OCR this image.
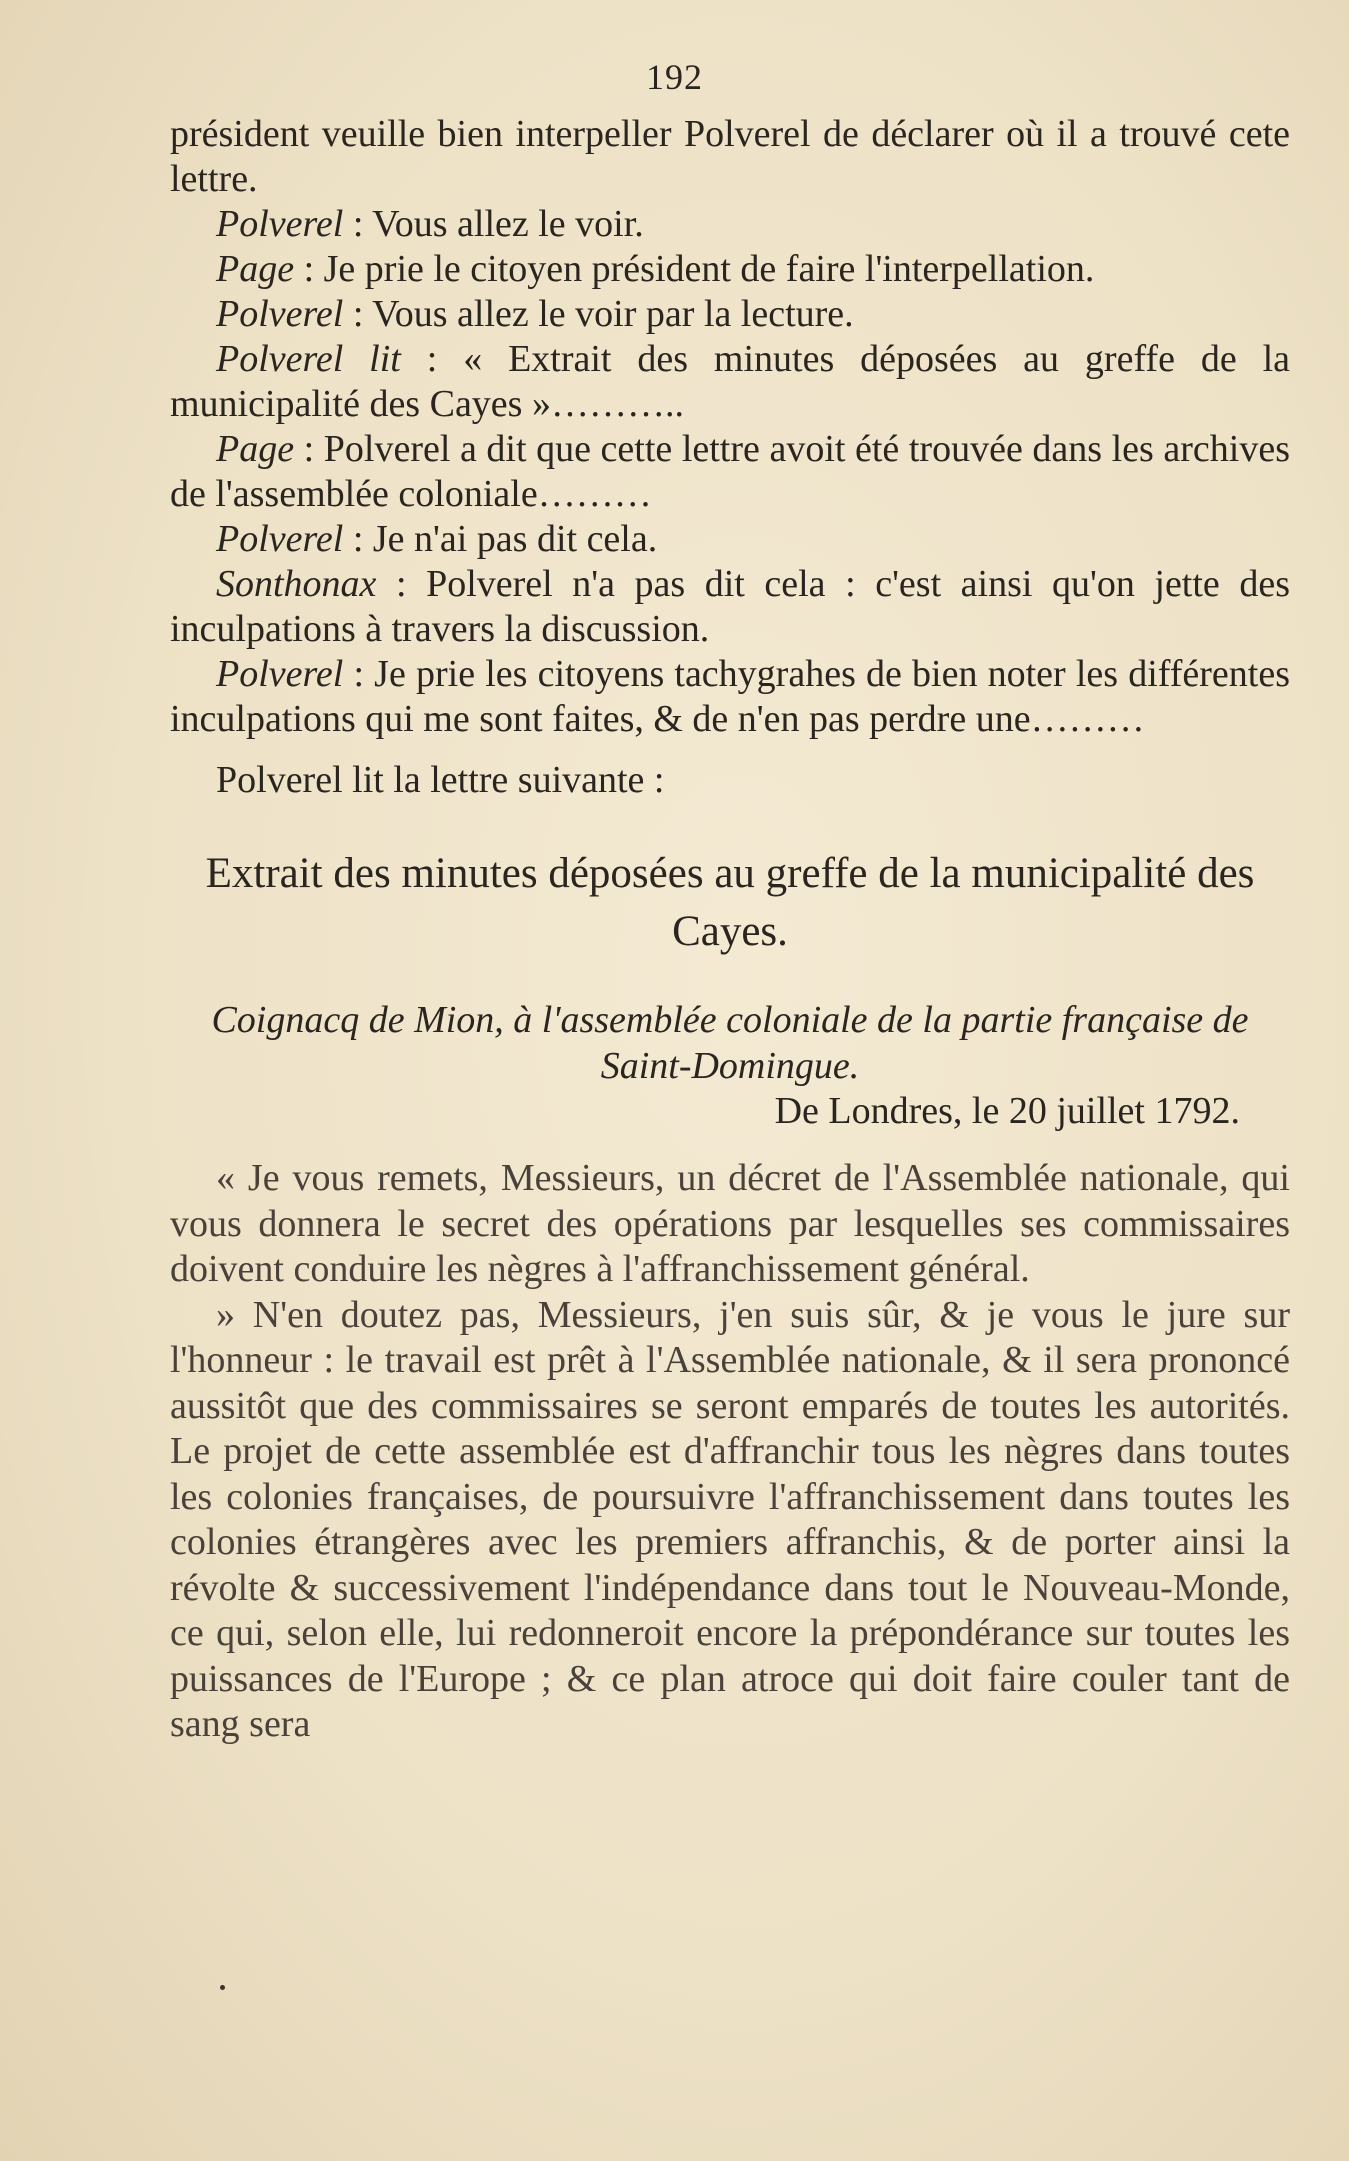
192

président veuille bien interpeller Polverel de déclarer où il a trouvé cete lettre.

Polverel : Vous allez le voir.

Page : Je prie le citoyen président de faire l'interpellation.

Polverel : Vous allez le voir par la lecture.

Polverel lit : « Extrait des minutes déposées au greffe de la municipalité des Cayes »………..

Page : Polverel a dit que cette lettre avoit été trouvée dans les archives de l'assemblée coloniale………

Polverel : Je n'ai pas dit cela.

Sonthonax : Polverel n'a pas dit cela : c'est ainsi qu'on jette des inculpations à travers la discussion.

Polverel : Je prie les citoyens tachygrahes de bien noter les différentes inculpations qui me sont faites, & de n'en pas perdre une………

Polverel lit la lettre suivante :

Extrait des minutes déposées au greffe de la municipalité des Cayes.
Coignacq de Mion, à l'assemblée coloniale de la partie française de Saint-Domingue.

De Londres, le 20 juillet 1792.

« Je vous remets, Messieurs, un décret de l'Assemblée nationale, qui vous donnera le secret des opérations par lesquelles ses commissaires doivent conduire les nègres à l'affranchissement général.

» N'en doutez pas, Messieurs, j'en suis sûr, & je vous le jure sur l'honneur : le travail est prêt à l'Assemblée nationale, & il sera prononcé aussitôt que des commissaires se seront emparés de toutes les autorités. Le projet de cette assemblée est d'affranchir tous les nègres dans toutes les colonies françaises, de poursuivre l'affranchissement dans toutes les colonies étrangères avec les premiers affranchis, & de porter ainsi la révolte & successivement l'indépendance dans tout le Nouveau-Monde, ce qui, selon elle, lui redonneroit encore la prépondérance sur toutes les puissances de l'Europe ; & ce plan atroce qui doit faire couler tant de sang sera
